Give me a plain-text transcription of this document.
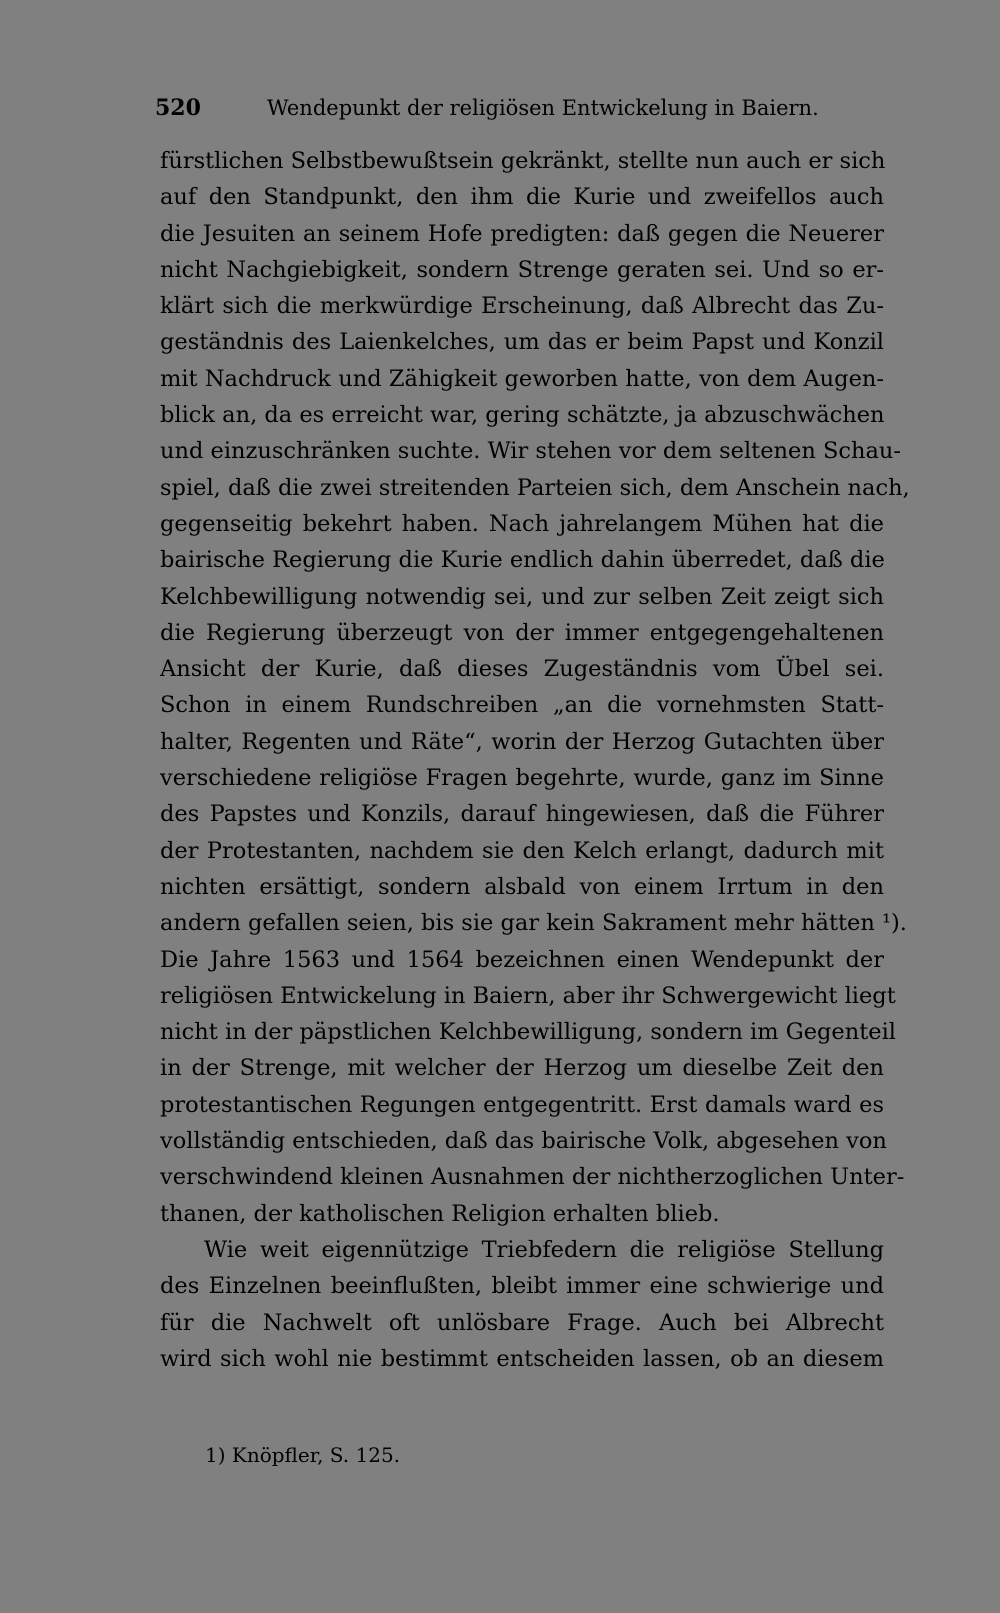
520	Wendepunkt der religiösen Entwickelung in Baiern.
fürstlichen Selbstbewußtsein gekränkt, stellte nun auch er sich
auf den Standpunkt, den ihm die Kurie und zweifellos auch
die Jesuiten an seinem Hofe predigten: daß gegen die Neuerer
nicht Nachgiebigkeit, sondern Strenge geraten sei. Und so er-
klärt sich die merkwürdige Erscheinung, daß Albrecht das Zu-
geständnis des Laienkelches, um das er beim Papst und Konzil
mit Nachdruck und Zähigkeit geworben hatte, von dem Augen-
blick an, da es erreicht war, gering schätzte, ja abzuschwächen
und einzuschränken suchte. Wir stehen vor dem seltenen Schau-
spiel, daß die zwei streitenden Parteien sich, dem Anschein nach,
gegenseitig bekehrt haben. Nach jahrelangem Mühen hat die
bairische Regierung die Kurie endlich dahin überredet, daß die
Kelchbewilligung notwendig sei, und zur selben Zeit zeigt sich
die Regierung überzeugt von der immer entgegengehaltenen
Ansicht der Kurie, daß dieses Zugeständnis vom Übel sei.
Schon in einem Rundschreiben „an die vornehmsten Statt-
halter, Regenten und Räte“, worin der Herzog Gutachten über
verschiedene religiöse Fragen begehrte, wurde, ganz im Sinne
des Papstes und Konzils, darauf hingewiesen, daß die Führer
der Protestanten, nachdem sie den Kelch erlangt, dadurch mit
nichten ersättigt, sondern alsbald von einem Irrtum in den
andern gefallen seien, bis sie gar kein Sakrament mehr hätten ¹).
Die Jahre 1563 und 1564 bezeichnen einen Wendepunkt der
religiösen Entwickelung in Baiern, aber ihr Schwergewicht liegt
nicht in der päpstlichen Kelchbewilligung, sondern im Gegenteil
in der Strenge, mit welcher der Herzog um dieselbe Zeit den
protestantischen Regungen entgegentritt. Erst damals ward es
vollständig entschieden, daß das bairische Volk, abgesehen von
verschwindend kleinen Ausnahmen der nichtherzoglichen Unter-
thanen, der katholischen Religion erhalten blieb.
Wie weit eigennützige Triebfedern die religiöse Stellung
des Einzelnen beeinflußten, bleibt immer eine schwierige und
für die Nachwelt oft unlösbare Frage. Auch bei Albrecht
wird sich wohl nie bestimmt entscheiden lassen, ob an diesem
1) Knöpfler, S. 125.
